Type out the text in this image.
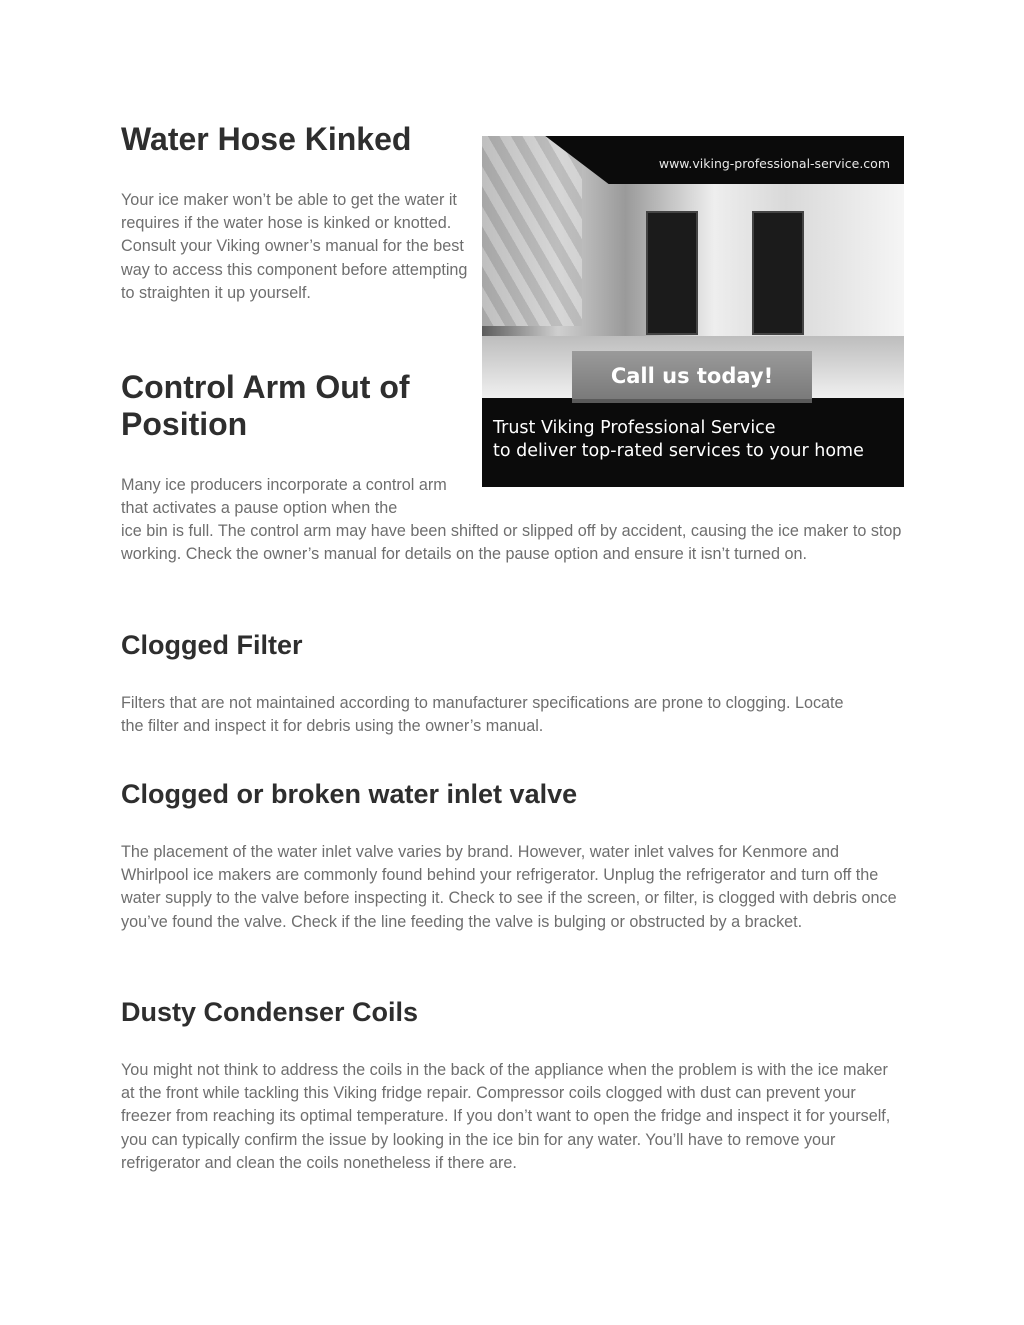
www.viking-professional-service.com
Call us today!
Trust Viking Professional Service
to deliver top-rated services to your home
Water Hose Kinked

Your ice maker won’t be able to get the water it requires if the water hose is kinked or knotted. Consult your Viking owner’s manual for the best way to access this component before attempting to straighten it up yourself.

Control Arm Out of Position

Many ice producers incorporate a control arm that activates a pause option when the

ice bin is full. The control arm may have been shifted or slipped off by accident, causing the ice maker to stop working. Check the owner’s manual for details on the pause option and ensure it isn’t turned on.

Clogged Filter

Filters that are not maintained according to manufacturer specifications are prone to clogging. Locate the filter and inspect it for debris using the owner’s manual.

Clogged or broken water inlet valve

The placement of the water inlet valve varies by brand. However, water inlet valves for Kenmore and Whirlpool ice makers are commonly found behind your refrigerator. Unplug the refrigerator and turn off the water supply to the valve before inspecting it. Check to see if the screen, or filter, is clogged with debris once you’ve found the valve. Check if the line feeding the valve is bulging or obstructed by a bracket.

Dusty Condenser Coils

You might not think to address the coils in the back of the appliance when the problem is with the ice maker at the front while tackling this Viking fridge repair. Compressor coils clogged with dust can prevent your freezer from reaching its optimal temperature. If you don’t want to open the fridge and inspect it for yourself, you can typically confirm the issue by looking in the ice bin for any water. You’ll have to remove your refrigerator and clean the coils nonetheless if there are.
